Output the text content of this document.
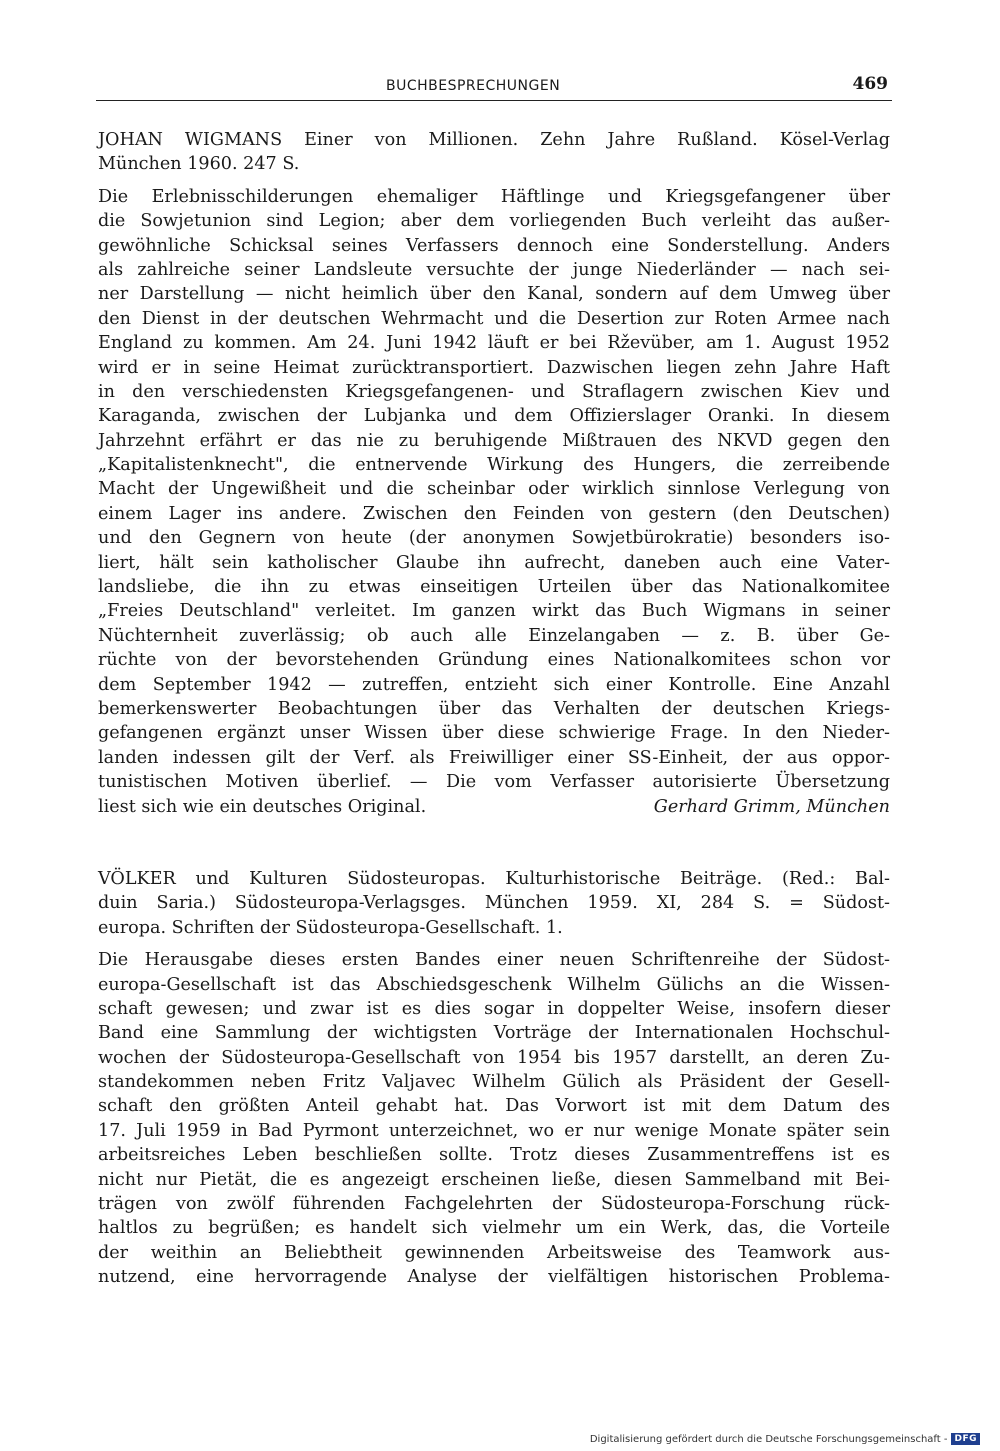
BUCHBESPRECHUNGEN	469
JOHAN WIGMANS Einer von Millionen. Zehn Jahre Rußland. Kösel-Verlag
München 1960. 247 S.
Die Erlebnisschilderungen ehemaliger Häftlinge und Kriegsgefangener über
die Sowjetunion sind Legion; aber dem vorliegenden Buch verleiht das außer-
gewöhnliche Schicksal seines Verfassers dennoch eine Sonderstellung. Anders
als zahlreiche seiner Landsleute versuchte der junge Niederländer — nach sei-
ner Darstellung — nicht heimlich über den Kanal, sondern auf dem Umweg über
den Dienst in der deutschen Wehrmacht und die Desertion zur Roten Armee nach
England zu kommen. Am 24. Juni 1942 läuft er bei Rževüber, am 1. August 1952
wird er in seine Heimat zurücktransportiert. Dazwischen liegen zehn Jahre Haft
in den verschiedensten Kriegsgefangenen- und Straflagern zwischen Kiev und
Karaganda, zwischen der Lubjanka und dem Offizierslager Oranki. In diesem
Jahrzehnt erfährt er das nie zu beruhigende Mißtrauen des NKVD gegen den
„Kapitalistenknecht", die entnervende Wirkung des Hungers, die zerreibende
Macht der Ungewißheit und die scheinbar oder wirklich sinnlose Verlegung von
einem Lager ins andere. Zwischen den Feinden von gestern (den Deutschen)
und den Gegnern von heute (der anonymen Sowjetbürokratie) besonders iso-
liert, hält sein katholischer Glaube ihn aufrecht, daneben auch eine Vater-
landsliebe, die ihn zu etwas einseitigen Urteilen über das Nationalkomitee
„Freies Deutschland" verleitet. Im ganzen wirkt das Buch Wigmans in seiner
Nüchternheit zuverlässig; ob auch alle Einzelangaben — z. B. über Ge-
rüchte von der bevorstehenden Gründung eines Nationalkomitees schon vor
dem September 1942 — zutreffen, entzieht sich einer Kontrolle. Eine Anzahl
bemerkenswerter Beobachtungen über das Verhalten der deutschen Kriegs-
gefangenen ergänzt unser Wissen über diese schwierige Frage. In den Nieder-
landen indessen gilt der Verf. als Freiwilliger einer SS-Einheit, der aus oppor-
tunistischen Motiven überlief. — Die vom Verfasser autorisierte Übersetzung
liest sich wie ein deutsches Original.	Gerhard Grimm, München
VÖLKER und Kulturen Südosteuropas. Kulturhistorische Beiträge. (Red.: Bal-
duin Saria.) Südosteuropa-Verlagsges. München 1959. XI, 284 S. = Südost-
europa. Schriften der Südosteuropa-Gesellschaft. 1.
Die Herausgabe dieses ersten Bandes einer neuen Schriftenreihe der Südost-
europa-Gesellschaft ist das Abschiedsgeschenk Wilhelm Gülichs an die Wissen-
schaft gewesen; und zwar ist es dies sogar in doppelter Weise, insofern dieser
Band eine Sammlung der wichtigsten Vorträge der Internationalen Hochschul-
wochen der Südosteuropa-Gesellschaft von 1954 bis 1957 darstellt, an deren Zu-
standekommen neben Fritz Valjavec Wilhelm Gülich als Präsident der Gesell-
schaft den größten Anteil gehabt hat. Das Vorwort ist mit dem Datum des
17. Juli 1959 in Bad Pyrmont unterzeichnet, wo er nur wenige Monate später sein
arbeitsreiches Leben beschließen sollte. Trotz dieses Zusammentreffens ist es
nicht nur Pietät, die es angezeigt erscheinen ließe, diesen Sammelband mit Bei-
trägen von zwölf führenden Fachgelehrten der Südosteuropa-Forschung rück-
haltlos zu begrüßen; es handelt sich vielmehr um ein Werk, das, die Vorteile
der weithin an Beliebtheit gewinnenden Arbeitsweise des Teamwork aus-
nutzend, eine hervorragende Analyse der vielfältigen historischen Problema-
Digitalisierung gefördert durch die Deutsche Forschungsgemeinschaft - DFG
